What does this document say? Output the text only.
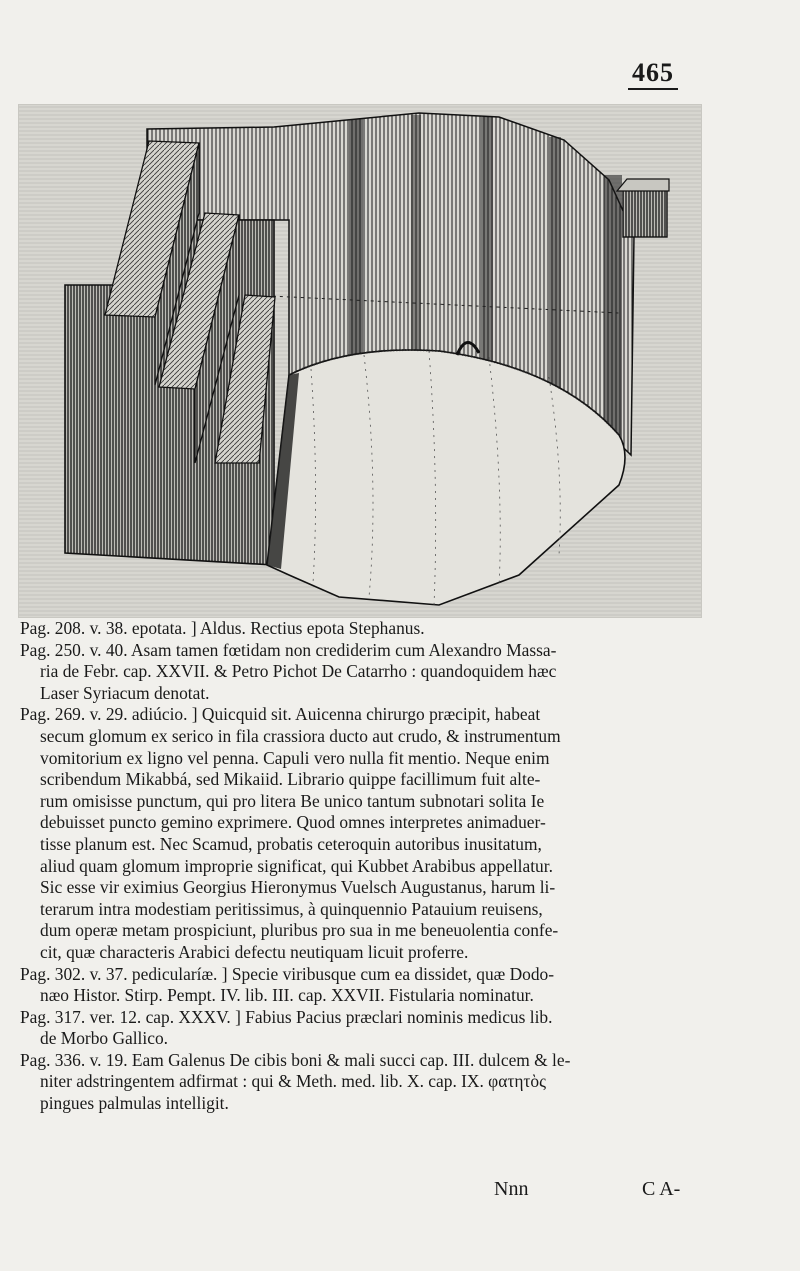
465

Pag. 208. v. 38. epotata. ] Aldus. Rectius epota Stephanus.

Pag. 250. v. 40. Asam tamen fœtidam non crediderim cum Alexandro Massa-
ria de Febr. cap. XXVII. & Petro Pichot De Catarrho : quandoquidem hæc
Laser Syriacum denotat.

Pag. 269. v. 29. adiúcio. ] Quicquid sit. Auicenna chirurgo præcipit, habeat
secum glomum ex serico in fila crassiora ducto aut crudo, & instrumentum
vomitorium ex ligno vel penna. Capuli vero nulla fit mentio. Neque enim
scribendum Mikabbá, sed Mikaiid. Librario quippe facillimum fuit alte-
rum omisisse punctum, qui pro litera Be unico tantum subnotari solita Ie
debuisset puncto gemino exprimere. Quod omnes interpretes animaduer-
tisse planum est. Nec Scamud, probatis ceteroquin autoribus inusitatum,
aliud quam glomum improprie significat, qui Kubbet Arabibus appellatur.
Sic esse vir eximius Georgius Hieronymus Vuelsch Augustanus, harum li-
terarum intra modestiam peritissimus, à quinquennio Patauium reuisens,
dum operæ metam prospiciunt, pluribus pro sua in me beneuolentia confe-
cit, quæ characteris Arabici defectu neutiquam licuit proferre.

Pag. 302. v. 37. pedicularíæ. ] Specie viribusque cum ea dissidet, quæ Dodo-
næo Histor. Stirp. Pempt. IV. lib. III. cap. XXVII. Fistularia nominatur.

Pag. 317. ver. 12. cap. XXXV. ] Fabius Pacius præclari nominis medicus lib.
de Morbo Gallico.

Pag. 336. v. 19. Eam Galenus De cibis boni & mali succi cap. III. dulcem & le-
niter adstringentem adfirmat : qui & Meth. med. lib. X. cap. IX. φατητὸς
pingues palmulas intelligit.

Nnn	C A-
